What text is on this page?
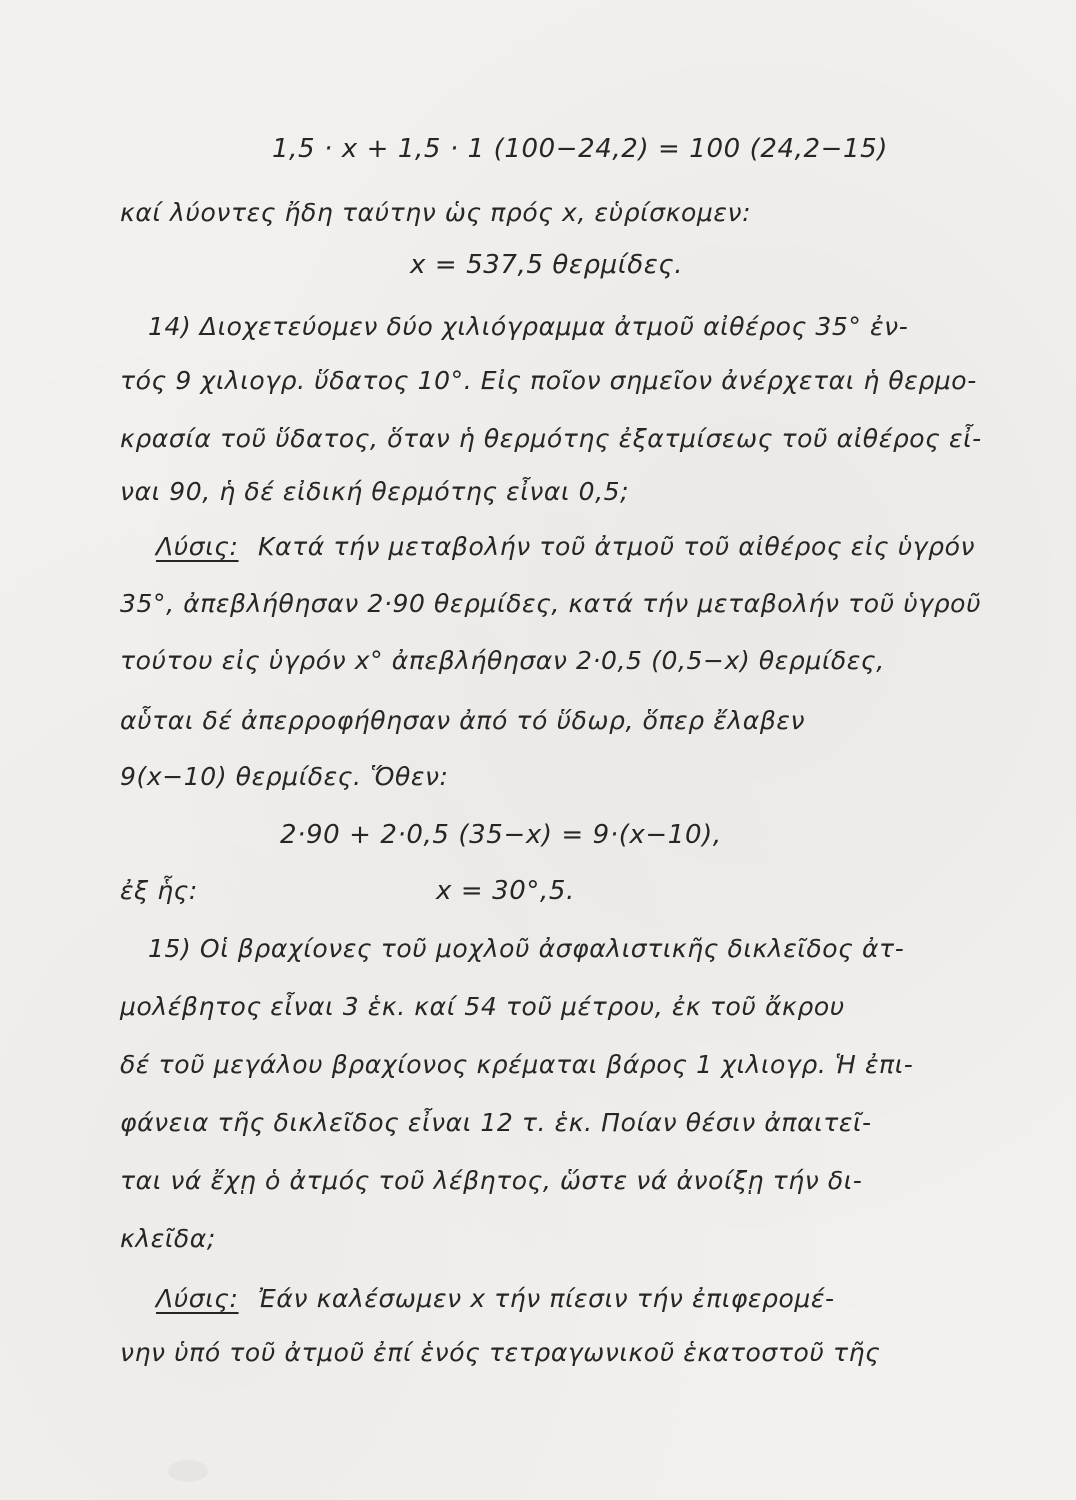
⠀	1,5 · x + 1,5 · 1 (100−24,2) = 100 (24,2−15)
καί λύοντες ἤδη ταύτην ὡς πρός x, εὑρίσκομεν:
x = 537,5 θερμίδες.
14) Διοχετεύομεν δύο χιλιόγραμμα ἀτμοῦ αἰθέρος 35° ἐν-
τός 9 χιλιογρ. ὕδατος 10°. Εἰς ποῖον σημεῖον ἀνέρχεται ἡ θερμο-
κρασία τοῦ ὕδατος, ὅταν ἡ θερμότης ἐξατμίσεως τοῦ αἰθέρος εἶ-
ναι 90, ἡ δέ εἰδική θερμότης εἶναι 0,5;
Λύσις: Κατά τήν μεταβολήν τοῦ ἀτμοῦ τοῦ αἰθέρος εἰς ὑγρόν
35°, ἀπεβλήθησαν 2·90 θερμίδες, κατά τήν μεταβολήν τοῦ ὑγροῦ
τούτου εἰς ὑγρόν x° ἀπεβλήθησαν 2·0,5 (0,5−x) θερμίδες,
αὗται δέ ἀπερροφήθησαν ἀπό τό ὕδωρ, ὅπερ ἔλαβεν
9(x−10) θερμίδες. Ὅθεν:
2·90 + 2·0,5 (35−x) = 9·(x−10),
ἐξ ἧς:	x = 30°,5.
15) Οἱ βραχίονες τοῦ μοχλοῦ ἀσφαλιστικῆς δικλεῖδος ἀτ-
μολέβητος εἶναι 3 ἑκ. καί 54 τοῦ μέτρου, ἐκ τοῦ ἄκρου
δέ τοῦ μεγάλου βραχίονος κρέμαται βάρος 1 χιλιογρ. Ἡ ἐπι-
φάνεια τῆς δικλεῖδος εἶναι 12 τ. ἑκ. Ποίαν θέσιν ἀπαιτεῖ-
ται νά ἔχῃ ὁ ἀτμός τοῦ λέβητος, ὥστε νά ἀνοίξῃ τήν δι-
κλεῖδα;
Λύσις: Ἐάν καλέσωμεν x τήν πίεσιν τήν ἐπιφερομέ-
νην ὑπό τοῦ ἀτμοῦ ἐπί ἑνός τετραγωνικοῦ ἑκατοστοῦ τῆς
